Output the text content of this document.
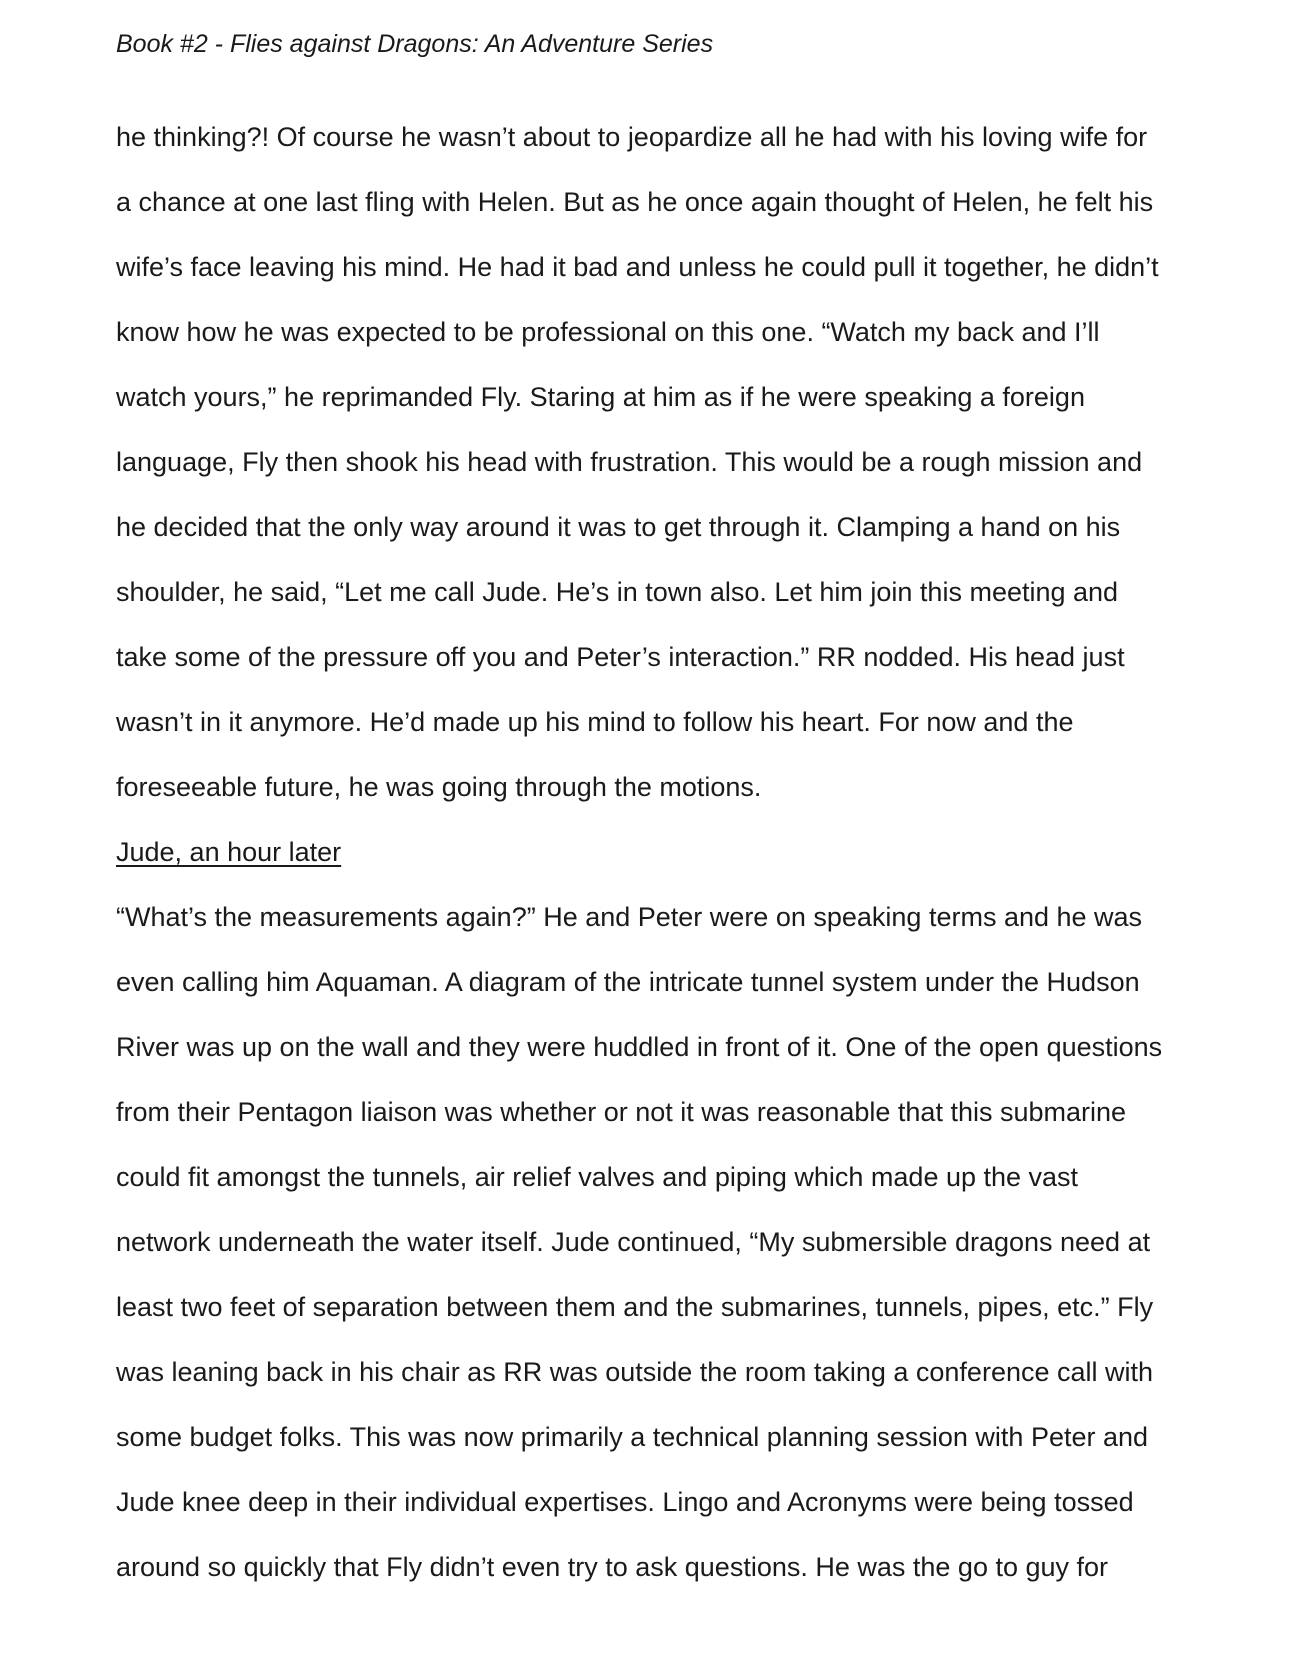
Book #2 - Flies against Dragons: An Adventure Series
he thinking?! Of course he wasn’t about to jeopardize all he had with his loving wife for
a chance at one last fling with Helen. But as he once again thought of Helen, he felt his
wife’s face leaving his mind. He had it bad and unless he could pull it together, he didn’t
know how he was expected to be professional on this one. “Watch my back and I’ll
watch yours,” he reprimanded Fly. Staring at him as if he were speaking a foreign
language, Fly then shook his head with frustration. This would be a rough mission and
he decided that the only way around it was to get through it. Clamping a hand on his
shoulder, he said, “Let me call Jude. He’s in town also. Let him join this meeting and
take some of the pressure off you and Peter’s interaction.” RR nodded. His head just
wasn’t in it anymore. He’d made up his mind to follow his heart. For now and the
foreseeable future, he was going through the motions.
Jude, an hour later
“What’s the measurements again?” He and Peter were on speaking terms and he was
even calling him Aquaman. A diagram of the intricate tunnel system under the Hudson
River was up on the wall and they were huddled in front of it. One of the open questions
from their Pentagon liaison was whether or not it was reasonable that this submarine
could fit amongst the tunnels, air relief valves and piping which made up the vast
network underneath the water itself. Jude continued, “My submersible dragons need at
least two feet of separation between them and the submarines, tunnels, pipes, etc.” Fly
was leaning back in his chair as RR was outside the room taking a conference call with
some budget folks. This was now primarily a technical planning session with Peter and
Jude knee deep in their individual expertises. Lingo and Acronyms were being tossed
around so quickly that Fly didn’t even try to ask questions. He was the go to guy for
